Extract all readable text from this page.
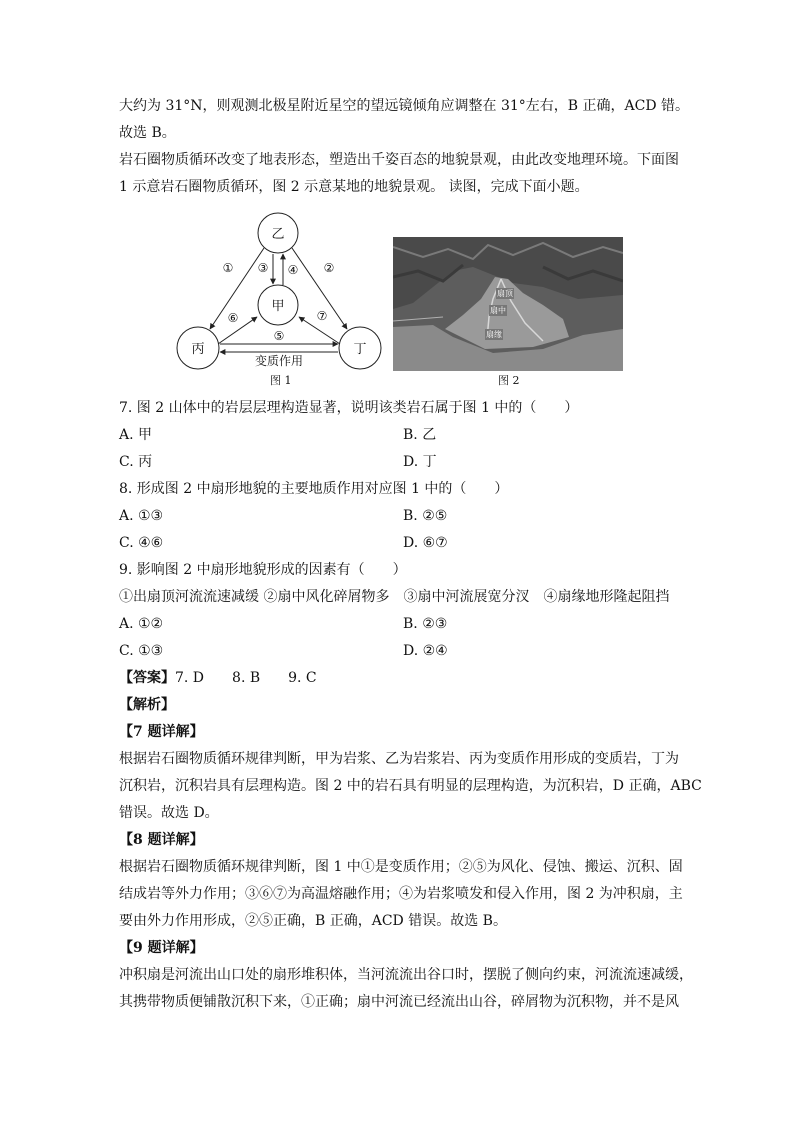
大约为 31°N，则观测北极星附近星空的望远镜倾角应调整在 31°左右，B 正确，ACD 错。
故选 B。
岩石圈物质循环改变了地表形态，塑造出千姿百态的地貌景观，由此改变地理环境。下面图
1 示意岩石圈物质循环，图 2 示意某地的地貌景观。 读图，完成下面小题。
乙
甲
丙	丁
①	②
③ ④
⑥	⑦
⑤
变质作用
图 1
扇顶
扇中
扇缘
图 2
7. 图 2 山体中的岩层层理构造显著，说明该类岩石属于图 1 中的（　　）
A. 甲	B. 乙
C. 丙	D. 丁
8. 形成图 2 中扇形地貌的主要地质作用对应图 1 中的（　　）
A. ①③	B. ②⑤
C. ④⑥	D. ⑥⑦
9. 影响图 2 中扇形地貌形成的因素有（　　）
①出扇顶河流流速减缓 ②扇中风化碎屑物多　③扇中河流展宽分汊　④扇缘地形隆起阻挡
A. ①②	B. ②③
C. ①③	D. ②④
【答案】7. D　　8. B　　9. C
【解析】
【7 题详解】
根据岩石圈物质循环规律判断，甲为岩浆、乙为岩浆岩、丙为变质作用形成的变质岩，丁为
沉积岩，沉积岩具有层理构造。图 2 中的岩石具有明显的层理构造，为沉积岩，D 正确，ABC
错误。故选 D。
【8 题详解】
根据岩石圈物质循环规律判断，图 1 中①是变质作用；②⑤为风化、侵蚀、搬运、沉积、固
结成岩等外力作用；③⑥⑦为高温熔融作用；④为岩浆喷发和侵入作用，图 2 为冲积扇，主
要由外力作用形成，②⑤正确，B 正确，ACD 错误。故选 B。
【9 题详解】
冲积扇是河流出山口处的扇形堆积体，当河流流出谷口时，摆脱了侧向约束，河流流速减缓，
其携带物质便铺散沉积下来，①正确；扇中河流已经流出山谷，碎屑物为沉积物，并不是风
